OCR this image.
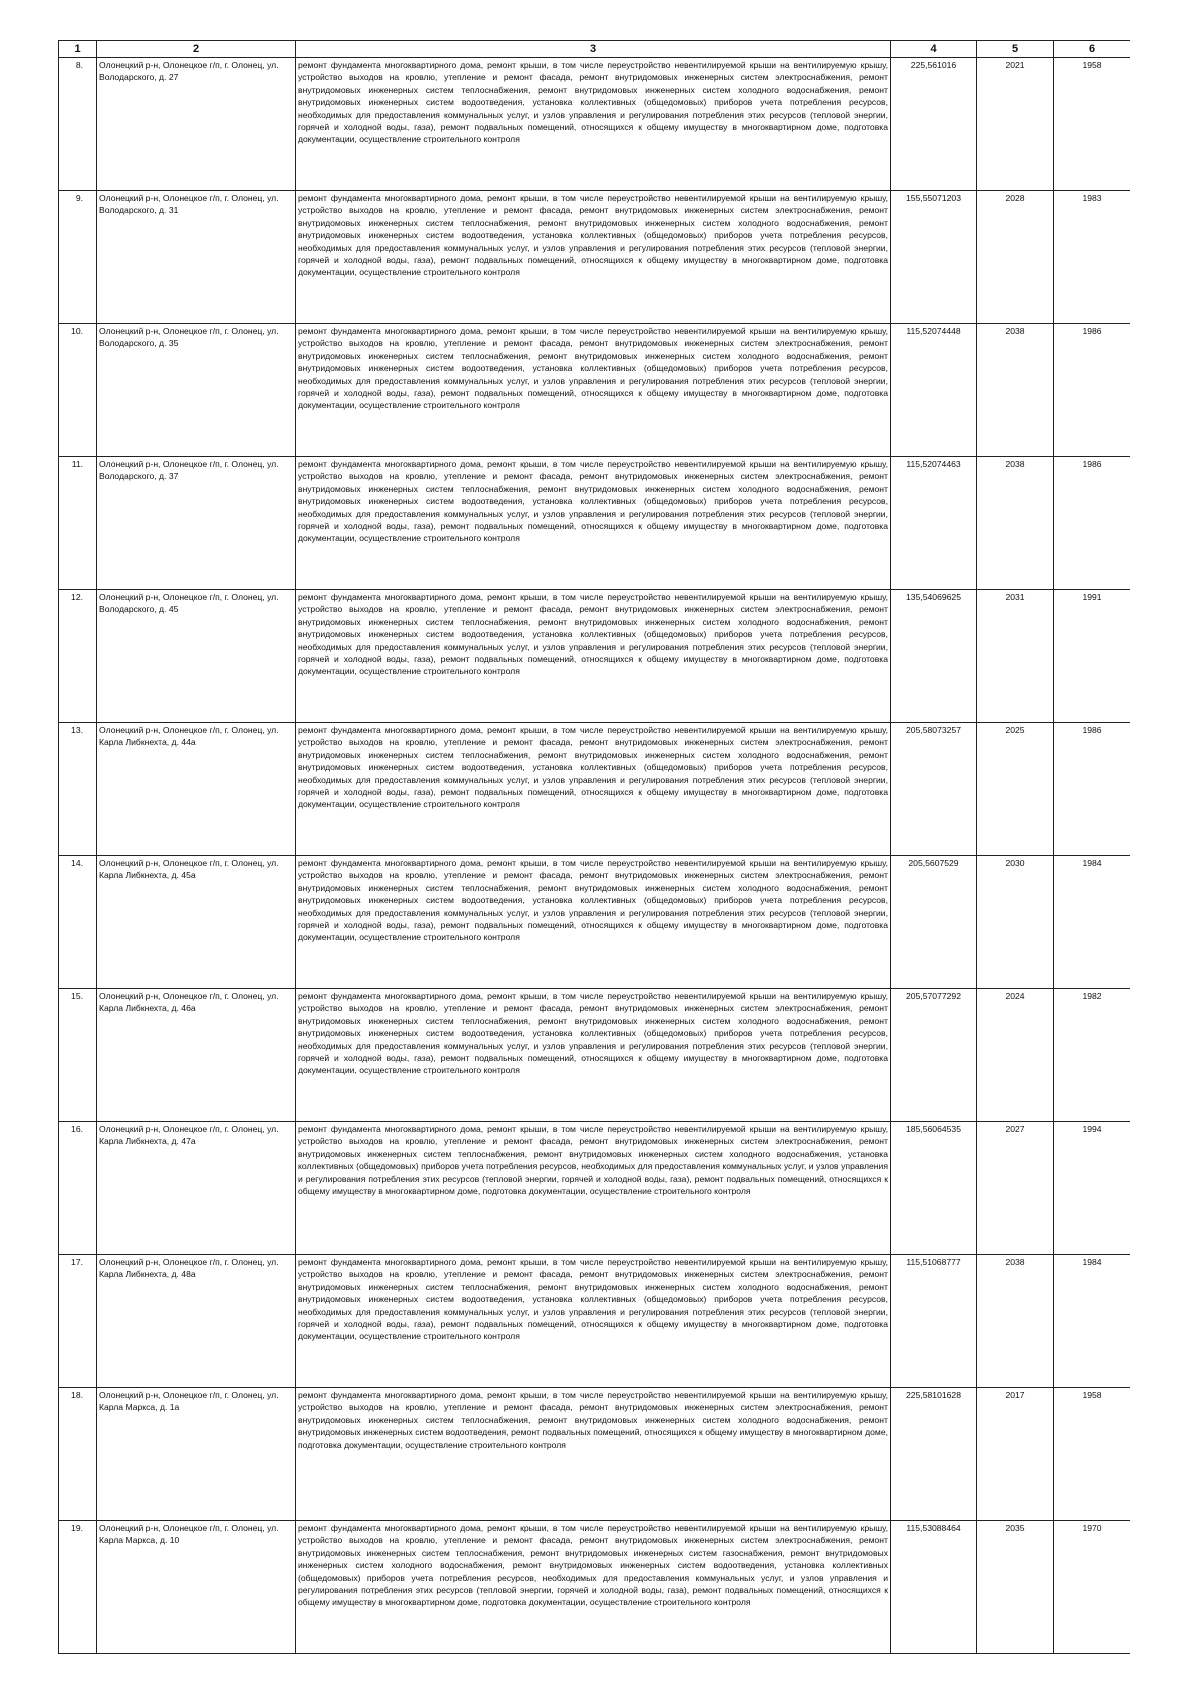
1	2	3	4	5	6
8.	Олонецкий р-н, Олонецкое г/п, г. Олонец, ул. Володарского, д. 27	ремонт фундамента многоквартирного дома, ремонт крыши, в том числе переустройство невентилируемой крыши на вентилируемую крышу, устройство выходов на кровлю, утепление и ремонт фасада, ремонт внутридомовых инженерных систем электроснабжения, ремонт внутридомовых инженерных систем теплоснабжения, ремонт внутридомовых инженерных систем холодного водоснабжения, ремонт внутридомовых инженерных систем водоотведения, установка коллективных (общедомовых) приборов учета потребления ресурсов, необходимых для предоставления коммунальных услуг, и узлов управления и регулирования потребления этих ресурсов (тепловой энергии, горячей и холодной воды, газа), ремонт подвальных помещений, относящихся к общему имуществу в многоквартирном доме, подготовка документации, осуществление строительного контроля	225,561016	2021	1958
9.	Олонецкий р-н, Олонецкое г/п, г. Олонец, ул. Володарского, д. 31	ремонт фундамента многоквартирного дома, ремонт крыши, в том числе переустройство невентилируемой крыши на вентилируемую крышу, устройство выходов на кровлю, утепление и ремонт фасада, ремонт внутридомовых инженерных систем электроснабжения, ремонт внутридомовых инженерных систем теплоснабжения, ремонт внутридомовых инженерных систем холодного водоснабжения, ремонт внутридомовых инженерных систем водоотведения, установка коллективных (общедомовых) приборов учета потребления ресурсов, необходимых для предоставления коммунальных услуг, и узлов управления и регулирования потребления этих ресурсов (тепловой энергии, горячей и холодной воды, газа), ремонт подвальных помещений, относящихся к общему имуществу в многоквартирном доме, подготовка документации, осуществление строительного контроля	155,55071203	2028	1983
10.	Олонецкий р-н, Олонецкое г/п, г. Олонец, ул. Володарского, д. 35	ремонт фундамента многоквартирного дома, ремонт крыши, в том числе переустройство невентилируемой крыши на вентилируемую крышу, устройство выходов на кровлю, утепление и ремонт фасада, ремонт внутридомовых инженерных систем электроснабжения, ремонт внутридомовых инженерных систем теплоснабжения, ремонт внутридомовых инженерных систем холодного водоснабжения, ремонт внутридомовых инженерных систем водоотведения, установка коллективных (общедомовых) приборов учета потребления ресурсов, необходимых для предоставления коммунальных услуг, и узлов управления и регулирования потребления этих ресурсов (тепловой энергии, горячей и холодной воды, газа), ремонт подвальных помещений, относящихся к общему имуществу в многоквартирном доме, подготовка документации, осуществление строительного контроля	115,52074448	2038	1986
11.	Олонецкий р-н, Олонецкое г/п, г. Олонец, ул. Володарского, д. 37	ремонт фундамента многоквартирного дома, ремонт крыши, в том числе переустройство невентилируемой крыши на вентилируемую крышу, устройство выходов на кровлю, утепление и ремонт фасада, ремонт внутридомовых инженерных систем электроснабжения, ремонт внутридомовых инженерных систем теплоснабжения, ремонт внутридомовых инженерных систем холодного водоснабжения, ремонт внутридомовых инженерных систем водоотведения, установка коллективных (общедомовых) приборов учета потребления ресурсов, необходимых для предоставления коммунальных услуг, и узлов управления и регулирования потребления этих ресурсов (тепловой энергии, горячей и холодной воды, газа), ремонт подвальных помещений, относящихся к общему имуществу в многоквартирном доме, подготовка документации, осуществление строительного контроля	115,52074463	2038	1986
12.	Олонецкий р-н, Олонецкое г/п, г. Олонец, ул. Володарского, д. 45	ремонт фундамента многоквартирного дома, ремонт крыши, в том числе переустройство невентилируемой крыши на вентилируемую крышу, устройство выходов на кровлю, утепление и ремонт фасада, ремонт внутридомовых инженерных систем электроснабжения, ремонт внутридомовых инженерных систем теплоснабжения, ремонт внутридомовых инженерных систем холодного водоснабжения, ремонт внутридомовых инженерных систем водоотведения, установка коллективных (общедомовых) приборов учета потребления ресурсов, необходимых для предоставления коммунальных услуг, и узлов управления и регулирования потребления этих ресурсов (тепловой энергии, горячей и холодной воды, газа), ремонт подвальных помещений, относящихся к общему имуществу в многоквартирном доме, подготовка документации, осуществление строительного контроля	135,54069625	2031	1991
13.	Олонецкий р-н, Олонецкое г/п, г. Олонец, ул. Карла Либкнехта, д. 44а	ремонт фундамента многоквартирного дома, ремонт крыши, в том числе переустройство невентилируемой крыши на вентилируемую крышу, устройство выходов на кровлю, утепление и ремонт фасада, ремонт внутридомовых инженерных систем электроснабжения, ремонт внутридомовых инженерных систем теплоснабжения, ремонт внутридомовых инженерных систем холодного водоснабжения, ремонт внутридомовых инженерных систем водоотведения, установка коллективных (общедомовых) приборов учета потребления ресурсов, необходимых для предоставления коммунальных услуг, и узлов управления и регулирования потребления этих ресурсов (тепловой энергии, горячей и холодной воды, газа), ремонт подвальных помещений, относящихся к общему имуществу в многоквартирном доме, подготовка документации, осуществление строительного контроля	205,58073257	2025	1986
14.	Олонецкий р-н, Олонецкое г/п, г. Олонец, ул. Карла Либкнехта, д. 45а	ремонт фундамента многоквартирного дома, ремонт крыши, в том числе переустройство невентилируемой крыши на вентилируемую крышу, устройство выходов на кровлю, утепление и ремонт фасада, ремонт внутридомовых инженерных систем электроснабжения, ремонт внутридомовых инженерных систем теплоснабжения, ремонт внутридомовых инженерных систем холодного водоснабжения, ремонт внутридомовых инженерных систем водоотведения, установка коллективных (общедомовых) приборов учета потребления ресурсов, необходимых для предоставления коммунальных услуг, и узлов управления и регулирования потребления этих ресурсов (тепловой энергии, горячей и холодной воды, газа), ремонт подвальных помещений, относящихся к общему имуществу в многоквартирном доме, подготовка документации, осуществление строительного контроля	205,5607529	2030	1984
15.	Олонецкий р-н, Олонецкое г/п, г. Олонец, ул. Карла Либкнехта, д. 46а	ремонт фундамента многоквартирного дома, ремонт крыши, в том числе переустройство невентилируемой крыши на вентилируемую крышу, устройство выходов на кровлю, утепление и ремонт фасада, ремонт внутридомовых инженерных систем электроснабжения, ремонт внутридомовых инженерных систем теплоснабжения, ремонт внутридомовых инженерных систем холодного водоснабжения, ремонт внутридомовых инженерных систем водоотведения, установка коллективных (общедомовых) приборов учета потребления ресурсов, необходимых для предоставления коммунальных услуг, и узлов управления и регулирования потребления этих ресурсов (тепловой энергии, горячей и холодной воды, газа), ремонт подвальных помещений, относящихся к общему имуществу в многоквартирном доме, подготовка документации, осуществление строительного контроля	205,57077292	2024	1982
16.	Олонецкий р-н, Олонецкое г/п, г. Олонец, ул. Карла Либкнехта, д. 47а	ремонт фундамента многоквартирного дома, ремонт крыши, в том числе переустройство невентилируемой крыши на вентилируемую крышу, устройство выходов на кровлю, утепление и ремонт фасада, ремонт внутридомовых инженерных систем электроснабжения, ремонт внутридомовых инженерных систем теплоснабжения, ремонт внутридомовых инженерных систем холодного водоснабжения, установка коллективных (общедомовых) приборов учета потребления ресурсов, необходимых для предоставления коммунальных услуг, и узлов управления и регулирования потребления этих ресурсов (тепловой энергии, горячей и холодной воды, газа), ремонт подвальных помещений, относящихся к общему имуществу в многоквартирном доме, подготовка документации, осуществление строительного контроля	185,56064535	2027	1994
17.	Олонецкий р-н, Олонецкое г/п, г. Олонец, ул. Карла Либкнехта, д. 48а	ремонт фундамента многоквартирного дома, ремонт крыши, в том числе переустройство невентилируемой крыши на вентилируемую крышу, устройство выходов на кровлю, утепление и ремонт фасада, ремонт внутридомовых инженерных систем электроснабжения, ремонт внутридомовых инженерных систем теплоснабжения, ремонт внутридомовых инженерных систем холодного водоснабжения, ремонт внутридомовых инженерных систем водоотведения, установка коллективных (общедомовых) приборов учета потребления ресурсов, необходимых для предоставления коммунальных услуг, и узлов управления и регулирования потребления этих ресурсов (тепловой энергии, горячей и холодной воды, газа), ремонт подвальных помещений, относящихся к общему имуществу в многоквартирном доме, подготовка документации, осуществление строительного контроля	115,51068777	2038	1984
18.	Олонецкий р-н, Олонецкое г/п, г. Олонец, ул. Карла Маркса, д. 1а	ремонт фундамента многоквартирного дома, ремонт крыши, в том числе переустройство невентилируемой крыши на вентилируемую крышу, устройство выходов на кровлю, утепление и ремонт фасада, ремонт внутридомовых инженерных систем электроснабжения, ремонт внутридомовых инженерных систем теплоснабжения, ремонт внутридомовых инженерных систем холодного водоснабжения, ремонт внутридомовых инженерных систем водоотведения, ремонт подвальных помещений, относящихся к общему имуществу в многоквартирном доме, подготовка документации, осуществление строительного контроля	225,58101628	2017	1958
19.	Олонецкий р-н, Олонецкое г/п, г. Олонец, ул. Карла Маркса, д. 10	ремонт фундамента многоквартирного дома, ремонт крыши, в том числе переустройство невентилируемой крыши на вентилируемую крышу, устройство выходов на кровлю, утепление и ремонт фасада, ремонт внутридомовых инженерных систем электроснабжения, ремонт внутридомовых инженерных систем теплоснабжения, ремонт внутридомовых инженерных систем газоснабжения, ремонт внутридомовых инженерных систем холодного водоснабжения, ремонт внутридомовых инженерных систем водоотведения, установка коллективных (общедомовых) приборов учета потребления ресурсов, необходимых для предоставления коммунальных услуг, и узлов управления и регулирования потребления этих ресурсов (тепловой энергии, горячей и холодной воды, газа), ремонт подвальных помещений, относящихся к общему имуществу в многоквартирном доме, подготовка документации, осуществление строительного контроля	115,53088464	2035	1970
